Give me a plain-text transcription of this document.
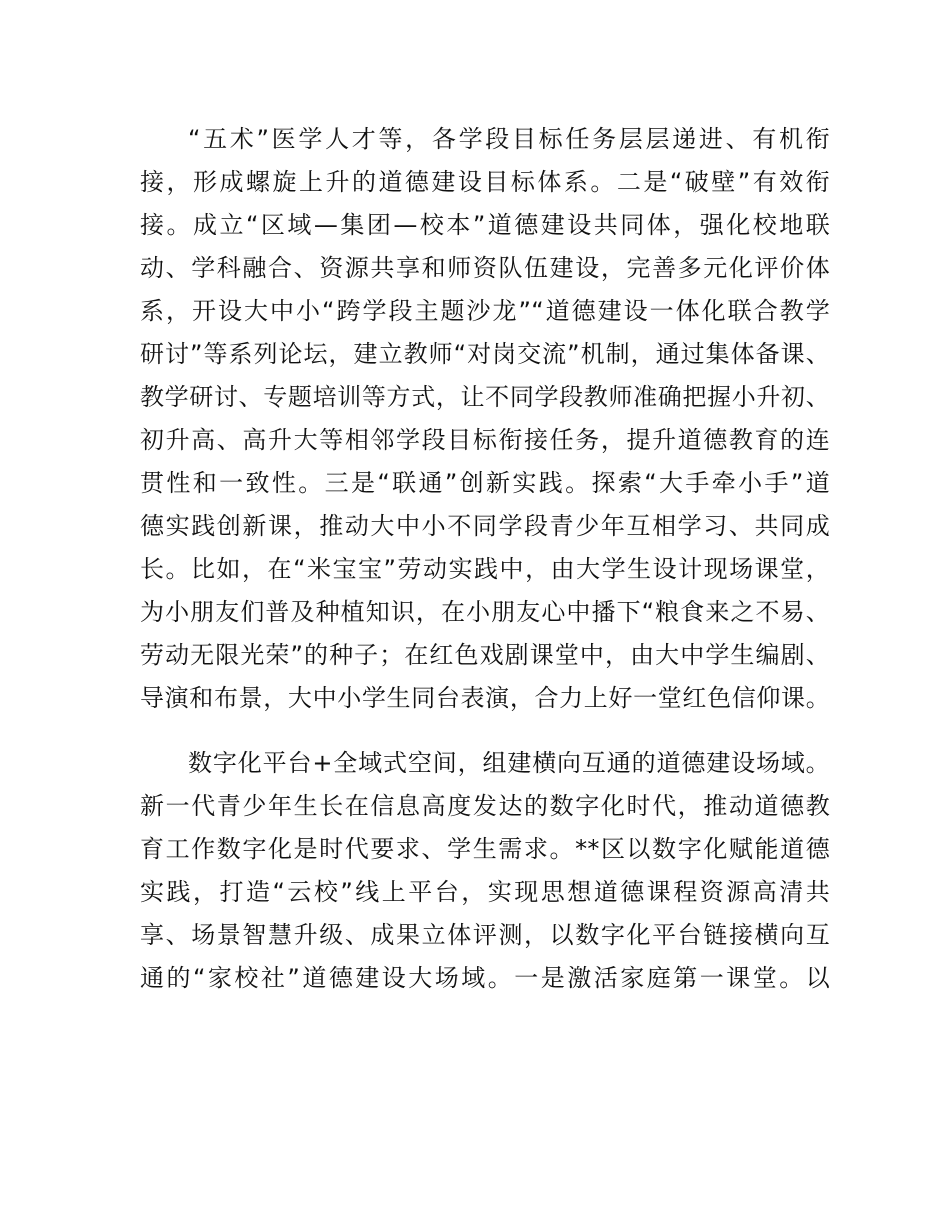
“五术”医学人才等，各学段目标任务层层递进、有机衔
接，形成螺旋上升的道德建设目标体系。二是“破壁”有效衔
接。成立“区域—集团—校本”道德建设共同体，强化校地联
动、学科融合、资源共享和师资队伍建设，完善多元化评价体
系，开设大中小“跨学段主题沙龙”“道德建设一体化联合教学
研讨”等系列论坛，建立教师“对岗交流”机制，通过集体备课、
教学研讨、专题培训等方式，让不同学段教师准确把握小升初、
初升高、高升大等相邻学段目标衔接任务，提升道德教育的连
贯性和一致性。三是“联通”创新实践。探索“大手牵小手”道
德实践创新课，推动大中小不同学段青少年互相学习、共同成
长。比如，在“米宝宝”劳动实践中，由大学生设计现场课堂，
为小朋友们普及种植知识，在小朋友心中播下“粮食来之不易、
劳动无限光荣”的种子；在红色戏剧课堂中，由大中学生编剧、
导演和布景，大中小学生同台表演，合力上好一堂红色信仰课。
数字化平台+全域式空间，组建横向互通的道德建设场域。
新一代青少年生长在信息高度发达的数字化时代，推动道德教
育工作数字化是时代要求、学生需求。**区以数字化赋能道德
实践，打造“云校”线上平台，实现思想道德课程资源高清共
享、场景智慧升级、成果立体评测，以数字化平台链接横向互
通的“家校社”道德建设大场域。一是激活家庭第一课堂。以
